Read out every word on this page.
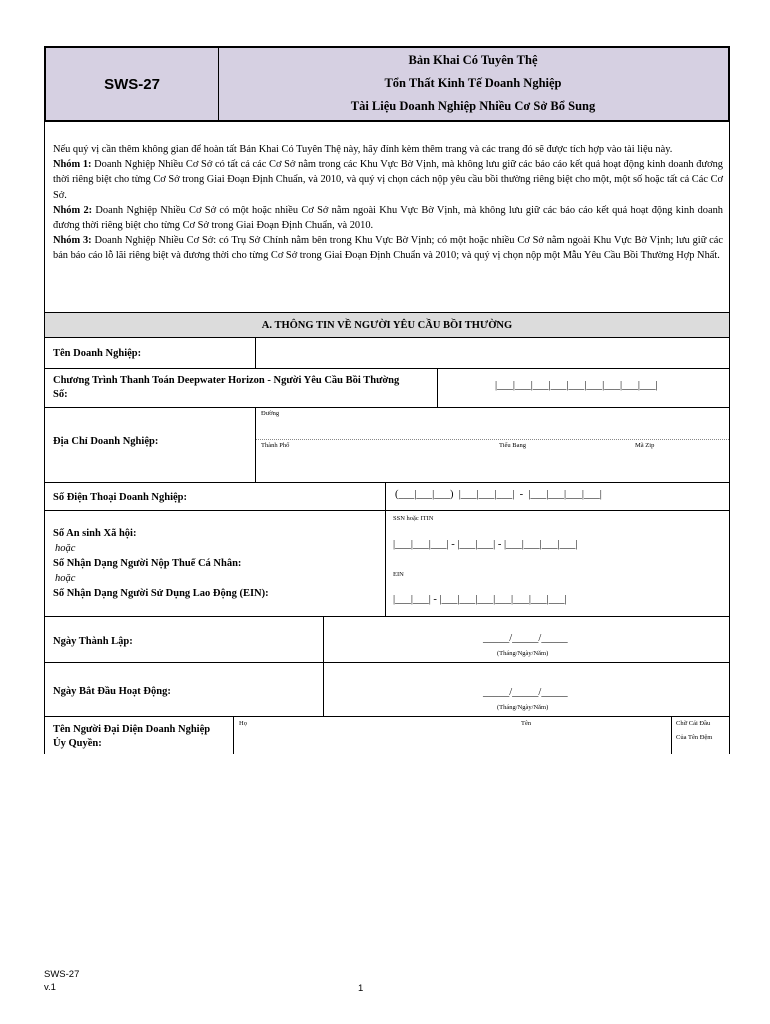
SWS-27
Bản Khai Có Tuyên Thệ
Tổn Thất Kinh Tế Doanh Nghiệp
Tài Liệu Doanh Nghiệp Nhiều Cơ Sở Bổ Sung

Nếu quý vị cần thêm không gian để hoàn tất Bản Khai Có Tuyên Thệ này, hãy đính kèm thêm trang và các trang đó sẽ được tích hợp vào tài liệu này.

Nhóm 1: Doanh Nghiệp Nhiều Cơ Sở có tất cả các Cơ Sở nằm trong các Khu Vực Bờ Vịnh, mà không lưu giữ các báo cáo kết quả hoạt động kinh doanh đương thời riêng biệt cho từng Cơ Sở trong Giai Đoạn Định Chuẩn, và 2010, và quý vị chọn cách nộp yêu cầu bồi thường riêng biệt cho một, một số hoặc tất cả Các Cơ Sở.

Nhóm 2: Doanh Nghiệp Nhiều Cơ Sở có một hoặc nhiều Cơ Sở nằm ngoài Khu Vực Bờ Vịnh, mà không lưu giữ các báo cáo kết quả hoạt động kinh doanh đương thời riêng biệt cho từng Cơ Sở trong Giai Đoạn Định Chuẩn, và 2010.

Nhóm 3: Doanh Nghiệp Nhiều Cơ Sở: có Trụ Sở Chính nằm bên trong Khu Vực Bờ Vịnh; có một hoặc nhiều Cơ Sở nằm ngoài Khu Vực Bờ Vịnh; lưu giữ các bản báo cáo lỗ lãi riêng biệt và đương thời cho từng Cơ Sở trong Giai Đoạn Định Chuẩn và 2010; và quý vị chọn nộp một Mẫu Yêu Cầu Bồi Thường Hợp Nhất.

A. THÔNG TIN VỀ NGƯỜI YÊU CẦU BỒI THƯỜNG
Tên Doanh Nghiệp:
Chương Trình Thanh Toán Deepwater Horizon - Người Yêu Cầu Bồi Thường
Số:
|___|___|___|___|___|___|___|___|___|
Địa Chỉ Doanh Nghiệp:
Đường
Thành Phố	Tiểu Bang	Mã Zip
Số Điện Thoại Doanh Nghiệp:	(___|___|___)  |___|___|___|  -  |___|___|___|___|
Số An sinh Xã hội:
hoặc
Số Nhận Dạng Người Nộp Thuế Cá Nhân:
hoặc
Số Nhận Dạng Người Sử Dụng Lao Động (EIN):
SSN hoặc ITIN
|___|___|___| - |___|___| - |___|___|___|___|
EIN
|___|___| - |___|___|___|___|___|___|___|
Ngày Thành Lập:	_____/_____/_____
(Tháng/Ngày/Năm)
Ngày Bắt Đầu Hoạt Động:	_____/_____/_____
(Tháng/Ngày/Năm)
Tên Người Đại Diện Doanh Nghiệp
Ủy Quyền:
Họ	Tên	Chữ Cái Đầu
Của Tên Đệm
SWS-27
v.1	1
